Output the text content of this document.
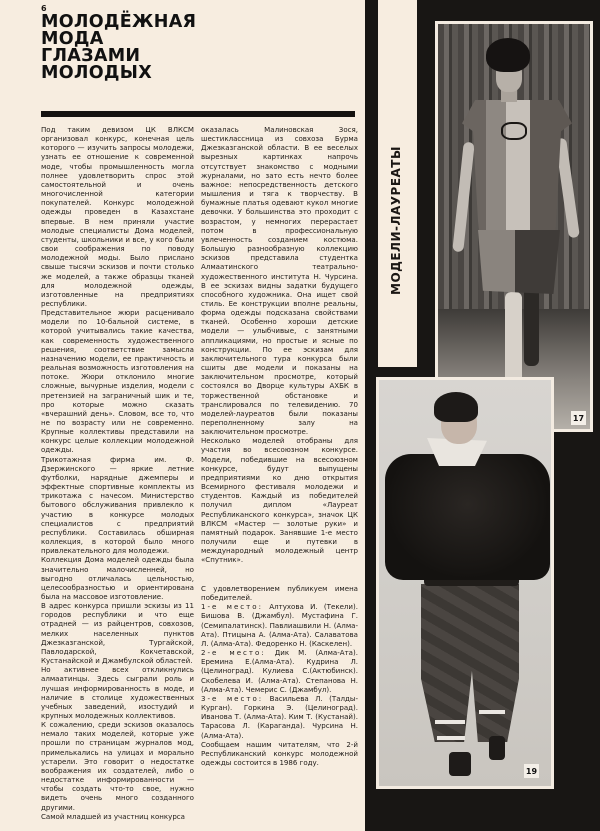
6
МОЛОДЁЖНАЯ
МОДА
ГЛАЗАМИ
МОЛОДЫХ

Под таким девизом ЦК ВЛКСМ организовал конкурс, конечная цель которого — изучить запросы молодежи, узнать ее отношение к современной моде, чтобы промышленность могла полнее удовлетворить спрос этой самостоятельной и очень многочисленной категории покупателей. Конкурс молодежной одежды проведен в Казахстане впервые. В нем приняли участие молодые специалисты Дома моделей, студенты, школьники и все, у кого были свои соображения по поводу молодежной моды. Было прислано свыше тысячи эскизов и почти столько же моделей, а также образцы тканей для молодежной одежды, изготовленные на предприятиях республики.

Представительное жюри расценивало модели по 10-бальной системе, в которой учитывались такие качества, как современность художественного решения, соответствие замысла назначению модели, ее практичность и реальная возможность изготовления на потоке. Жюри отклонило многие сложные, вычурные изделия, модели с претензией на заграничный шик и те, про которые можно сказать «вчерашний день». Словом, все то, что не по возрасту или не современно. Крупные коллективы представили на конкурс целые коллекции молодежной одежды.

Трикотажная фирма им. Ф. Дзержинского — яркие летние футболки, нарядные джемперы и эффектные спортивные комплекты из трикотажа с начесом. Министерство бытового обслуживания привлекло к участию в конкурсе молодых специалистов с предприятий республики. Составилась обширная коллекция, в которой было много привлекательного для молодежи.

Коллекция Дома моделей одежды была значительно малочисленней, но выгодно отличалась цельностью, целесообразностью и ориентирована была на массовое изготовление.

В адрес конкурса пришли эскизы из 11 городов республики и что еще отрадней — из райцентров, совхозов, мелких населенных пунктов Джезказганской, Тургайской, Павлодарской, Кокчетавской, Кустанайской и Джамбулской областей.

Но активнее всех откликнулись алмаатинцы. Здесь сыграли роль и лучшая информированность в моде, и наличие в столице художественных учебных заведений, изостудий и крупных молодежных коллективов.

К сожалению, среди эскизов оказалось немало таких моделей, которые уже прошли по страницам журналов мод, примелькались на улицах и морально устарели. Это говорит о недостатке воображения их создателей, либо о недостатке информированности — чтобы создать что-то свое, нужно видеть очень много созданного другими.

Самой младшей из участниц конкурса

оказалась Малиновская Зося, шестиклассница из совхоза Бурма Джезказганской области. В ее веселых вырезных картинках напрочь отсутствует знакомство с модными журналами, но зато есть нечто более важное: непосредственность детского мышления и тяга к творчеству. В бумажные платья одевают кукол многие девочки. У большинства это проходит с возрастом, у немногих перерастает потом в профессиональную увлеченность созданием костюма. Большую разнообразную коллекцию эскизов представила студентка Алмаатинского театрально-художественного института Н. Чурсина. В ее эскизах видны задатки будущего способного художника. Она ищет свой стиль. Ее конструкции вполне реальны, форма одежды подсказана свойствами тканей. Особенно хороши детские модели — улыбчивые, с занятными аппликациями, но простые и ясные по конструкции. По ее эскизам для заключительного тура конкурса были сшиты две модели и показаны на заключительном просмотре, который состоялся во Дворце культуры АХБК в торжественной обстановке и транслировался по телевидению. 70 моделей-лауреатов были показаны переполненному залу на заключительном просмотре.

Несколько моделей отобраны для участия во всесоюзном конкурсе. Модели, победившие на всесоюзном конкурсе, будут выпущены предприятиями ко дню открытия Всемирного фестиваля молодежи и студентов. Каждый из победителей получил диплом «Лауреат Республиканского конкурса», значок ЦК ВЛКСМ «Мастер — золотые руки» и памятный подарок. Занявшие 1-е место получили еще и путевки в международный молодежный центр «Спутник».

С удовлетворением публикуем имена победителей.

1-е место: Алтухова И. (Текели). Бишова В. (Джамбул). Мустафина Г. (Семипалатинск). Павлиашвили Н. (Алма-Ата). Птицына А. (Алма-Ата). Салаватова Л. (Алма-Ата). Федоренко Н. (Каскелен).

2-е место: Дик М. (Алма-Ата). Еремина Е.(Алма-Ата). Кудрина Л.(Целиноград). Кулиева С.(Актюбинск). Скобелева И. (Алма-Ата). Степанова Н. (Алма-Ата). Чемерис С. (Джамбул).

3-е место: Васильева Л. (Талды-Курган). Горкина Э. (Целиноград). Иванова Т. (Алма-Ата). Ким Т. (Кустанай). Тарасова Л. (Караганда). Чурсина Н. (Алма-Ата).

Сообщаем нашим читателям, что 2-й Республиканский конкурс молодежной одежды состоится в 1986 году.

МОДЕЛИ-ЛАУРЕАТЫ
17
19
